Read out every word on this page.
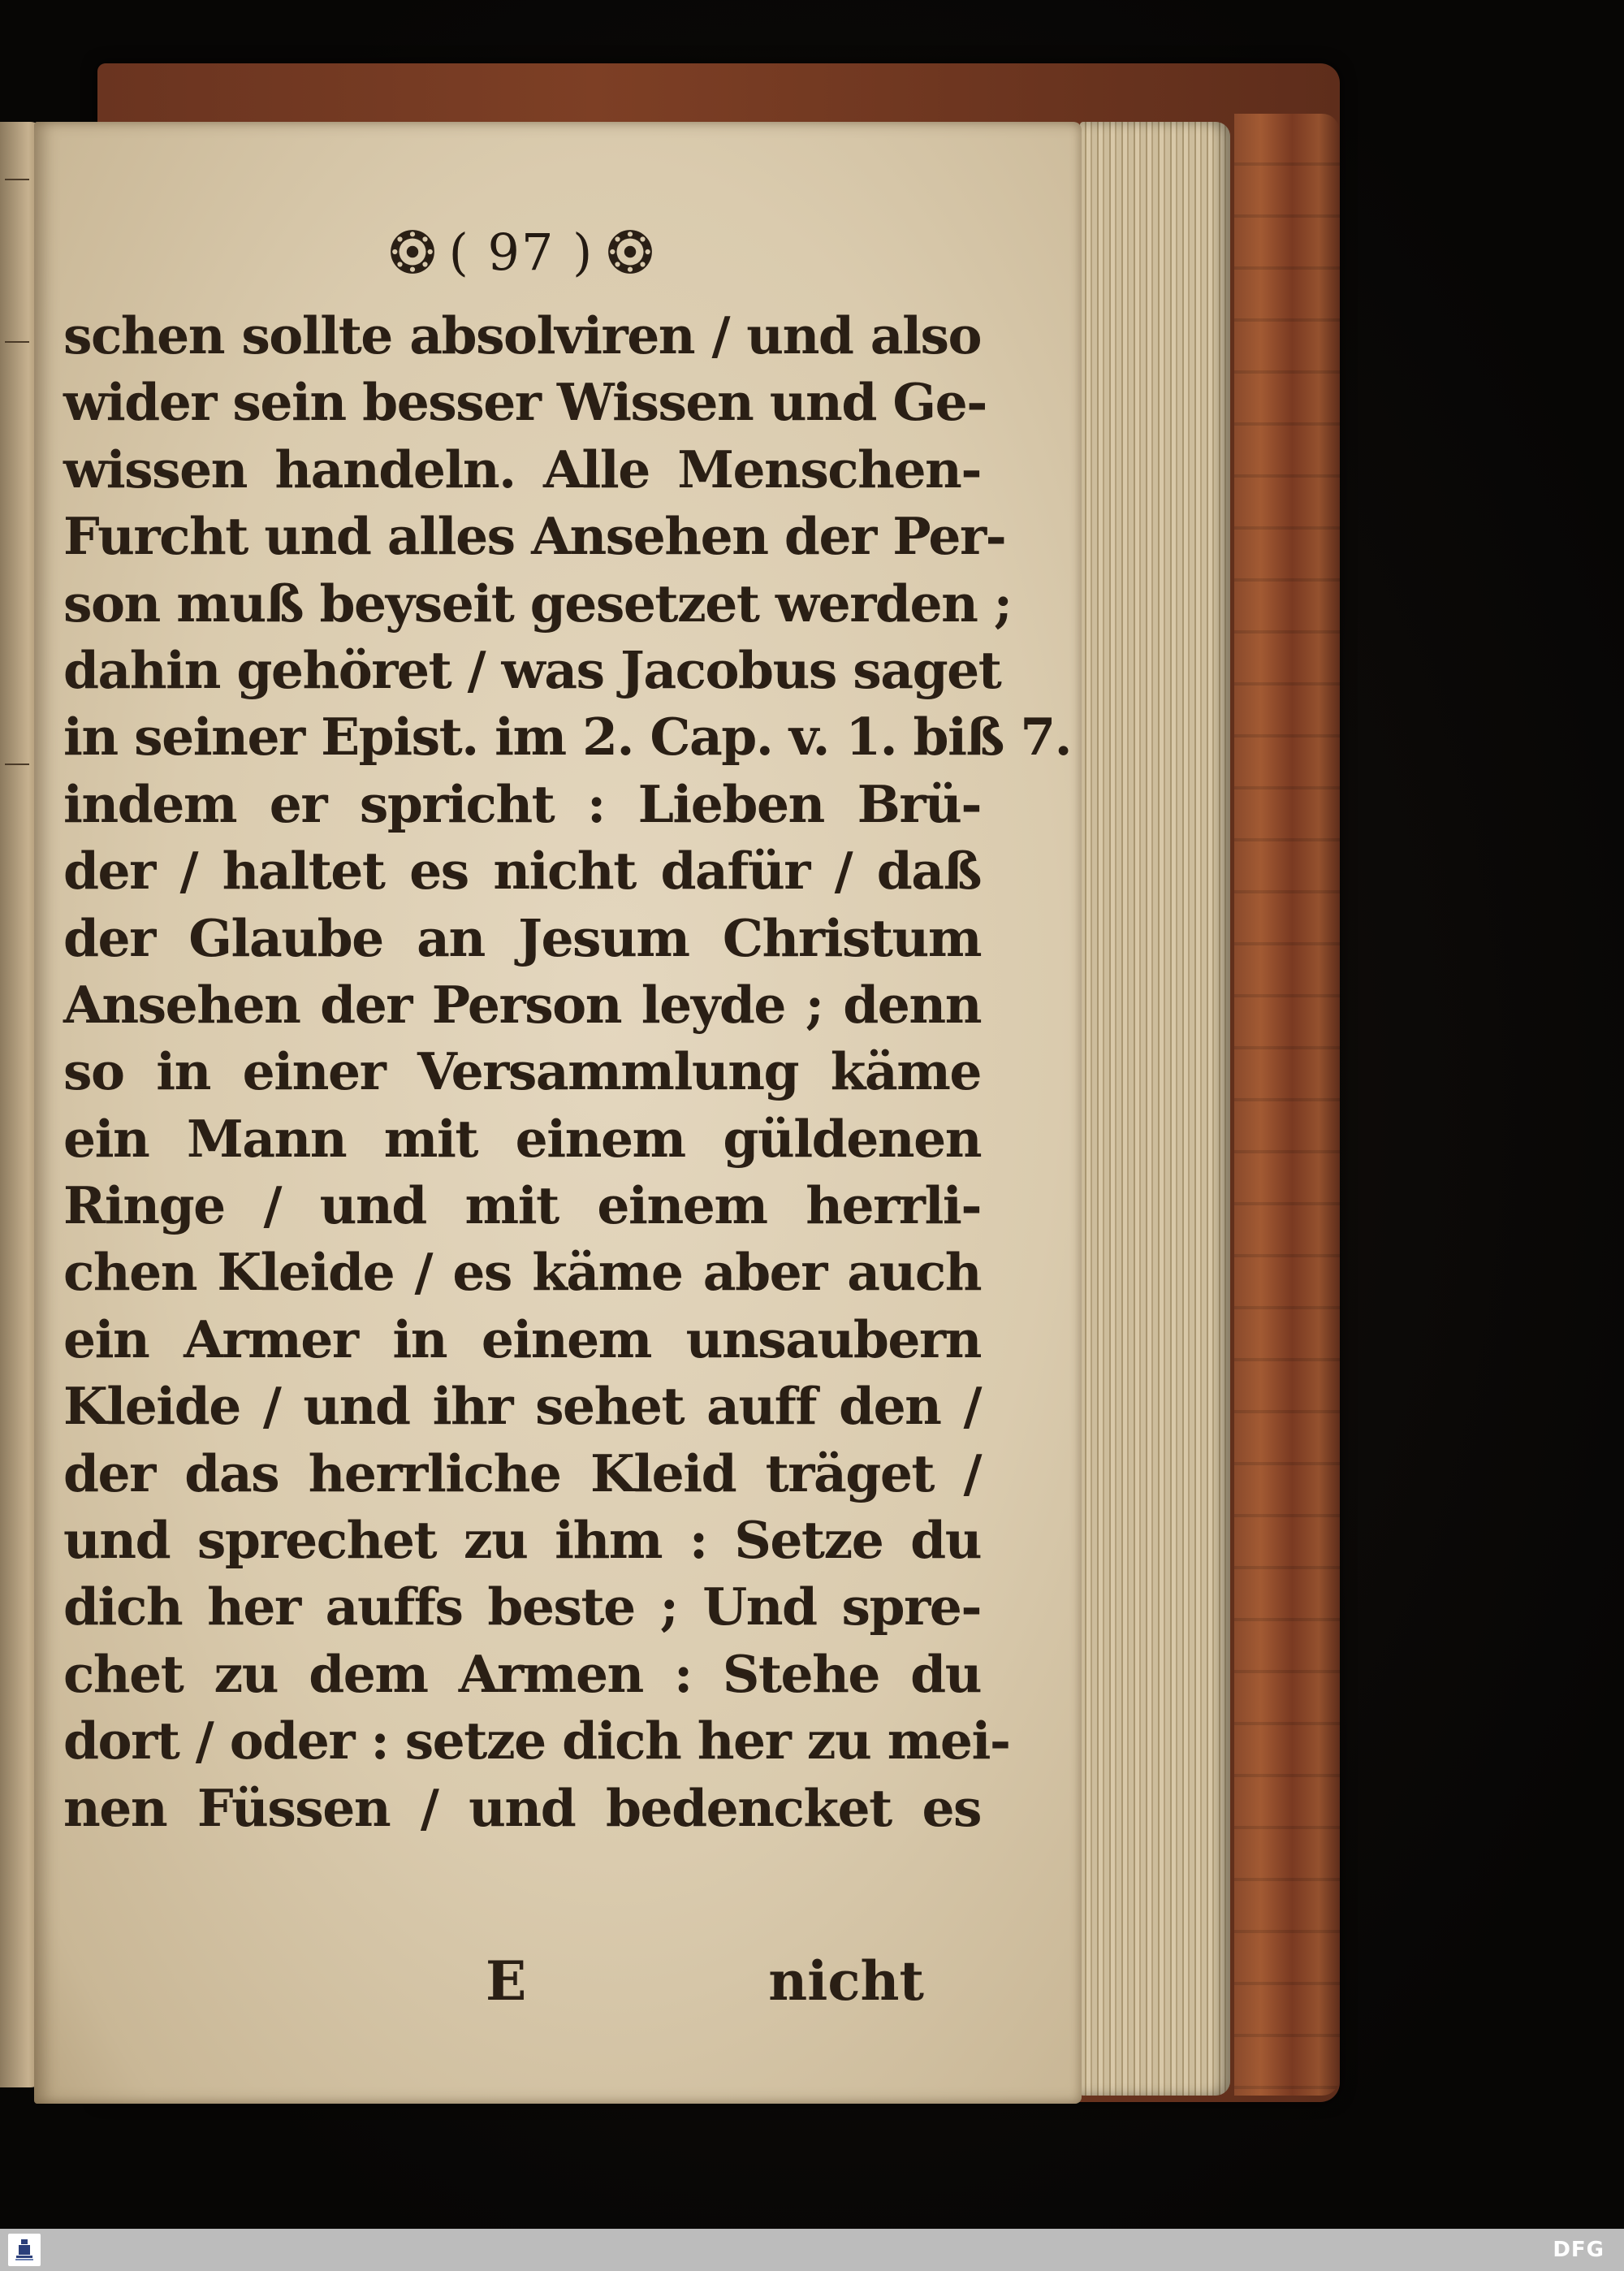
( 97 )
schen sollte absolviren / und also
wider sein besser Wissen und Ge-
wissen handeln. Alle Menschen-
Furcht und alles Ansehen der Per-
son muß beyseit gesetzet werden ;
dahin gehöret / was Jacobus saget
in seiner Epist. im 2. Cap. v. 1. biß 7.
indem er spricht : Lieben Brü-
der / haltet es nicht dafür / daß
der Glaube an Jesum Christum
Ansehen der Person leyde ; denn
so in einer Versammlung käme
ein Mann mit einem güldenen
Ringe / und mit einem herrli-
chen Kleide / es käme aber auch
ein Armer in einem unsaubern
Kleide / und ihr sehet auff den /
der das herrliche Kleid träget /
und sprechet zu ihm : Setze du
dich her auffs beste ; Und spre-
chet zu dem Armen : Stehe du
dort / oder : setze dich her zu mei-
nen Füssen / und bedencket es
E	nicht
DFG
